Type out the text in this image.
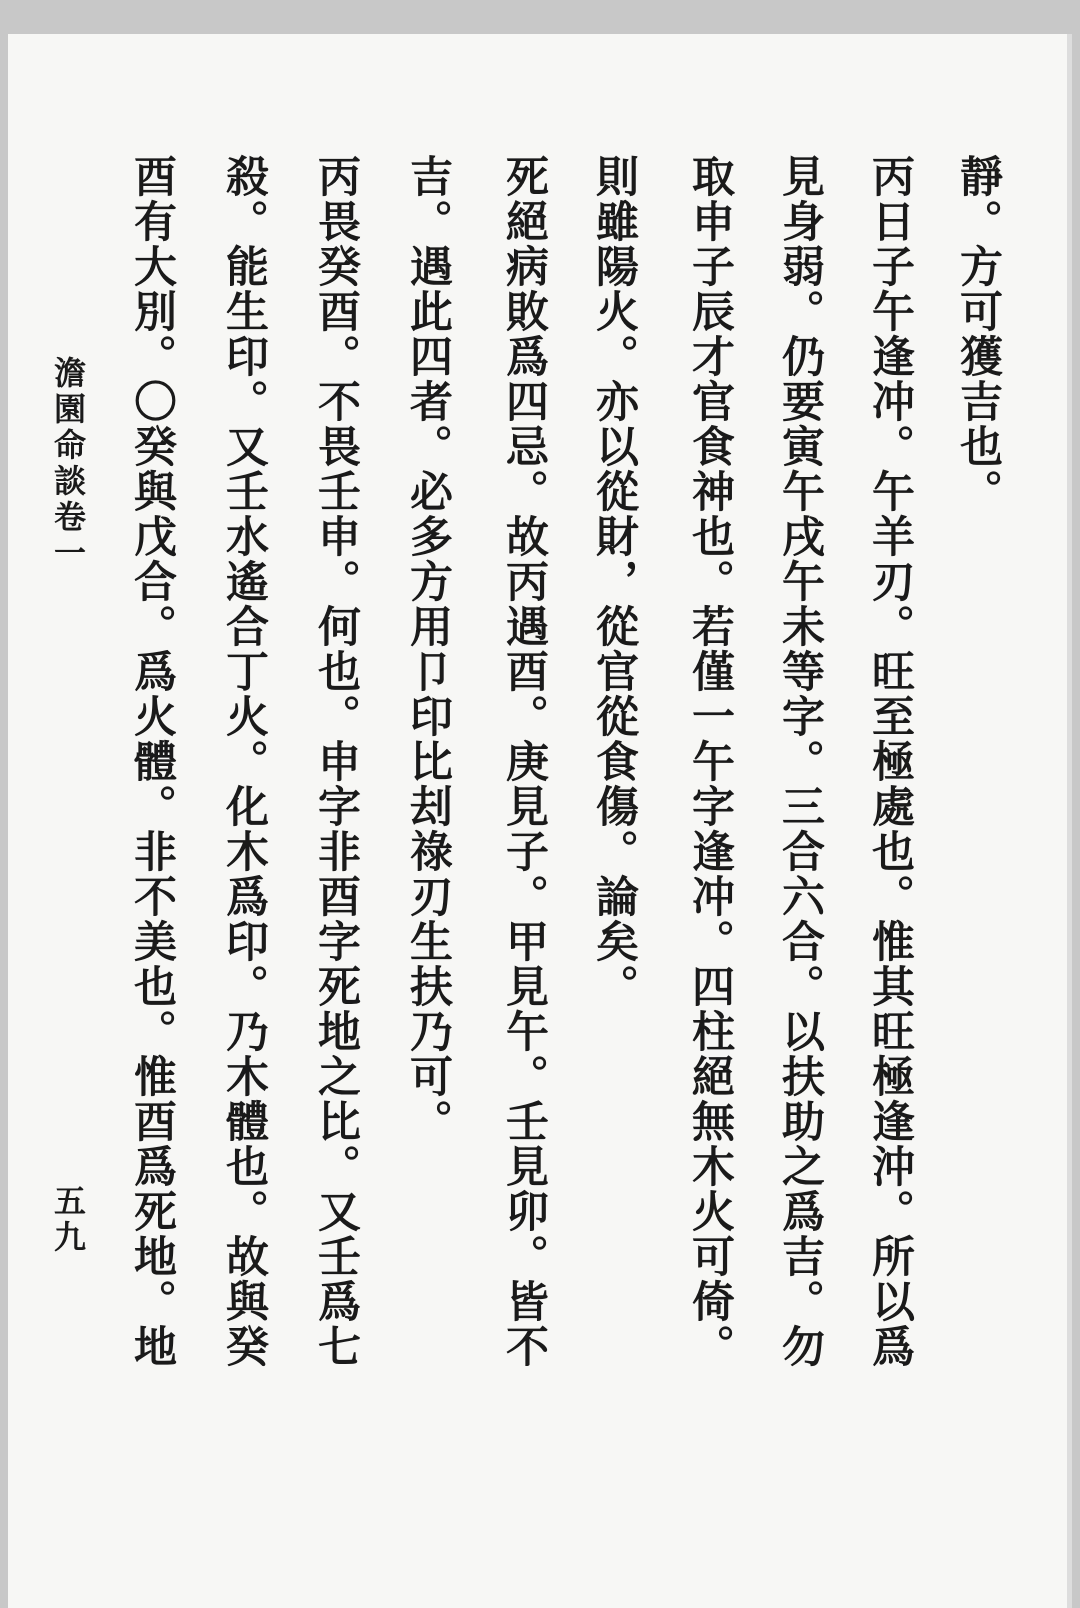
靜。方可獲吉也。
丙日子午逢冲。午羊刃。旺至極處也。惟其旺極逢沖。所以爲
見身弱。仍要寅午戌午未等字。三合六合。以扶助之爲吉。勿
取申子辰才官食神也。若僅一午字逢冲。四柱絕無木火可倚。
則雖陽火。亦以從財，從官從食傷。論矣。
死絕病敗爲四忌。故丙遇酉。庚見子。甲見午。壬見卯。皆不
吉。遇此四者。必多方用卩印比刦祿刃生扶乃可。
丙畏癸酉。不畏壬申。何也。申字非酉字死地之比。又壬爲七
殺。能生印。又壬水遙合丁火。化木爲印。乃木體也。故與癸
酉有大別。〇癸與戊合。爲火體。非不美也。惟酉爲死地。地
澹園命談卷一
五九
